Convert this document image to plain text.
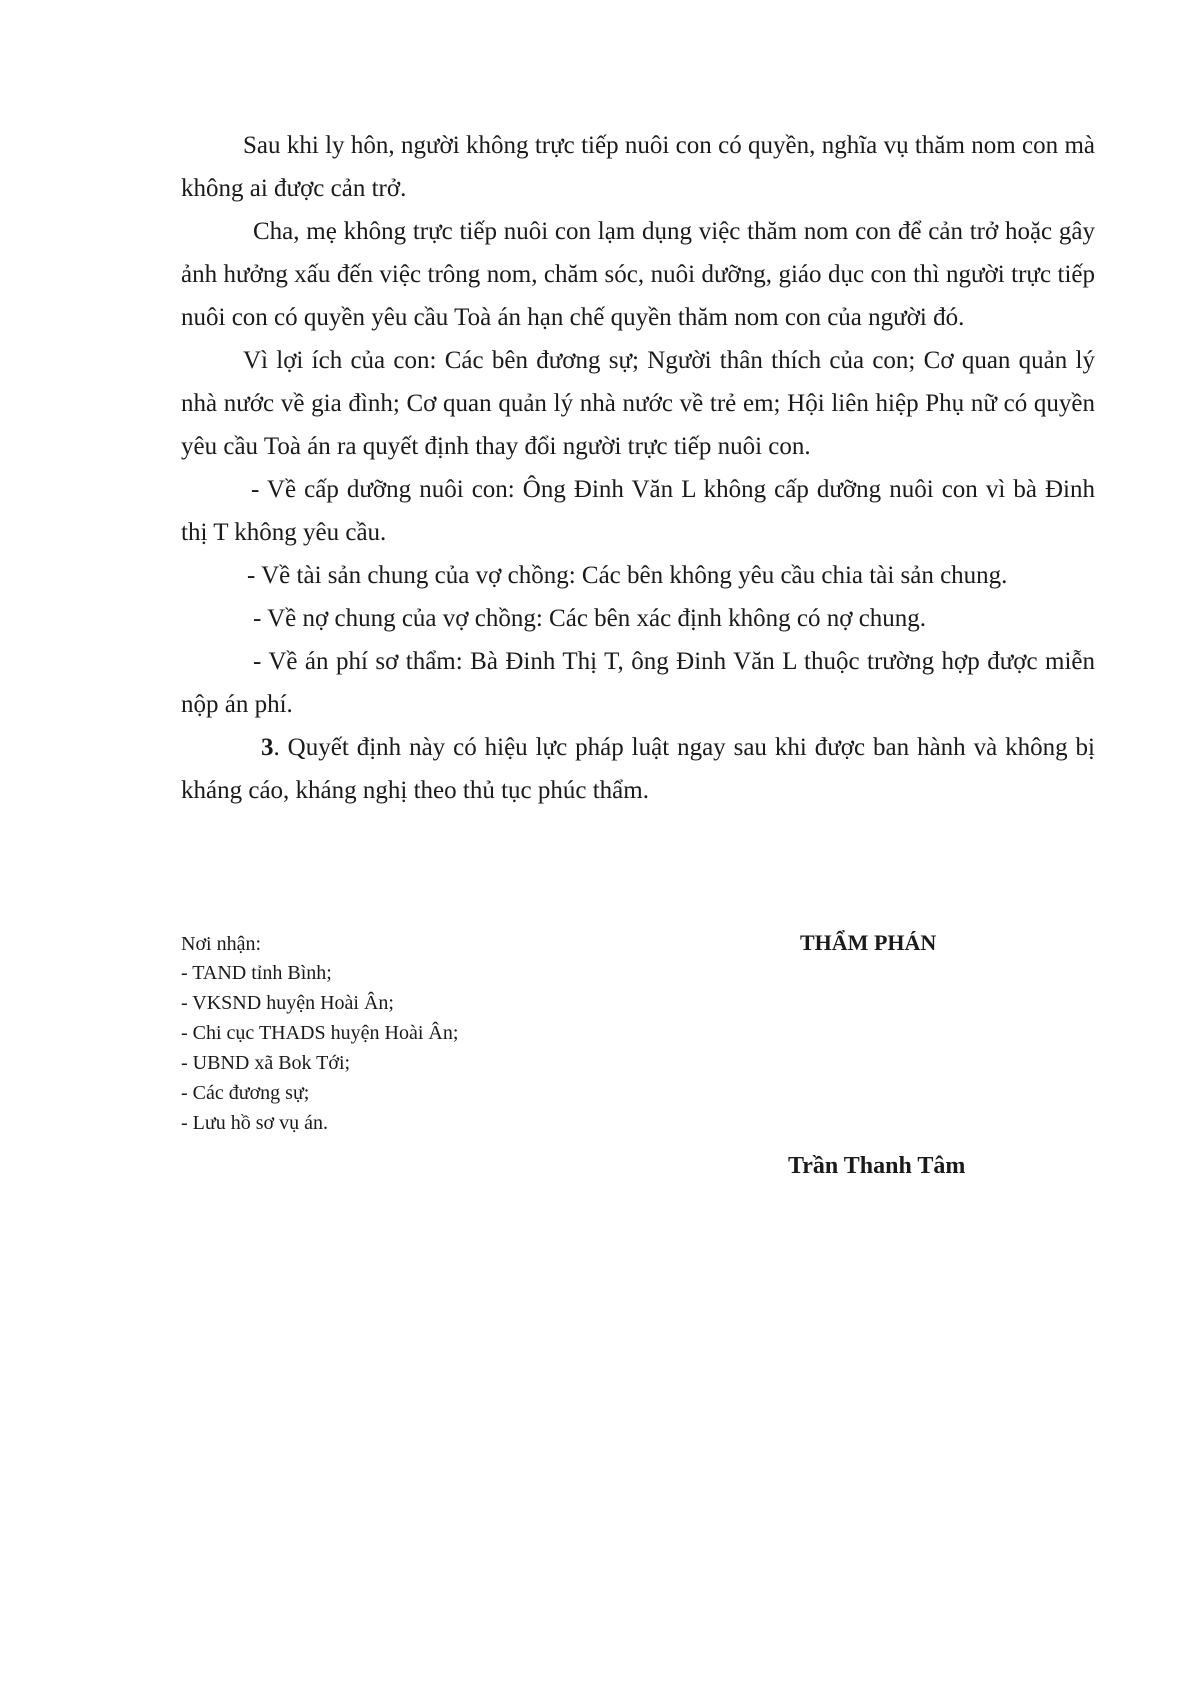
Sau khi ly hôn, người không trực tiếp nuôi con có quyền, nghĩa vụ thăm nom con mà không ai được cản trở.

Cha, mẹ không trực tiếp nuôi con lạm dụng việc thăm nom con để cản trở hoặc gây ảnh hưởng xấu đến việc trông nom, chăm sóc, nuôi dưỡng, giáo dục con thì người trực tiếp nuôi con có quyền yêu cầu Toà án hạn chế quyền thăm nom con của người đó.

Vì lợi ích của con: Các bên đương sự; Người thân thích của con; Cơ quan quản lý nhà nước về gia đình; Cơ quan quản lý nhà nước về trẻ em; Hội liên hiệp Phụ nữ có quyền yêu cầu Toà án ra quyết định thay đổi người trực tiếp nuôi con.

- Về cấp dưỡng nuôi con: Ông Đinh Văn L không cấp dưỡng nuôi con vì bà Đinh thị T không yêu cầu.

- Về tài sản chung của vợ chồng: Các bên không yêu cầu chia tài sản chung.

- Về nợ chung của vợ chồng: Các bên xác định không có nợ chung.

- Về án phí sơ thẩm: Bà Đinh Thị T, ông Đinh Văn L thuộc trường hợp được miễn nộp án phí.

3. Quyết định này có hiệu lực pháp luật ngay sau khi được ban hành và không bị kháng cáo, kháng nghị theo thủ tục phúc thẩm.

Nơi nhận:

- TAND tỉnh Bình;
- VKSND huyện Hoài Ân;
- Chi cục THADS huyện Hoài Ân;
- UBND xã Bok Tới;
- Các đương sự;
- Lưu hồ sơ vụ án.

THẨM PHÁN

Trần Thanh Tâm
